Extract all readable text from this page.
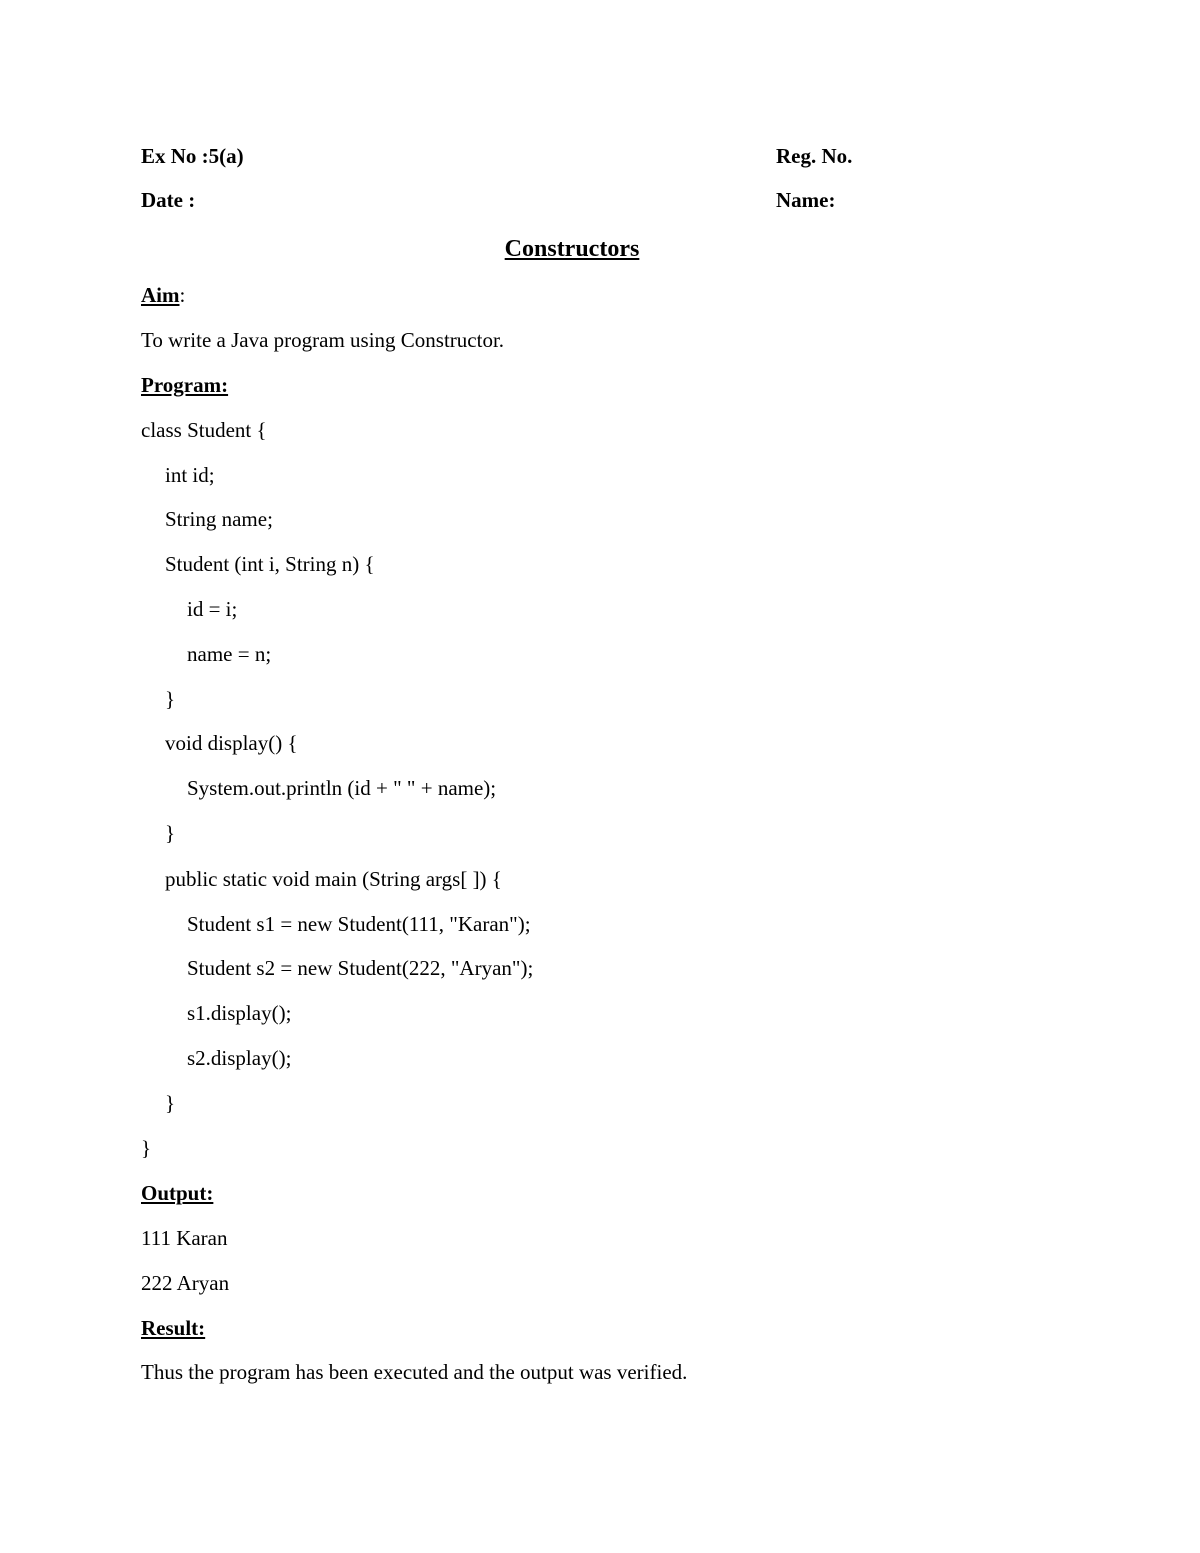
Ex No :5(a)	Reg. No.
Date :	Name:
Constructors
Aim:
To write a Java program using Constructor.
Program:
class Student {
int id;
String name;
Student (int i, String n) {
id = i;
name = n;
}
void display() {
System.out.println (id + " " + name);
}
public static void main (String args[ ]) {
Student s1 = new Student(111, "Karan");
Student s2 = new Student(222, "Aryan");
s1.display();
s2.display();
}
}
Output:
111 Karan
222 Aryan
Result:
Thus the program has been executed and the output was verified.
